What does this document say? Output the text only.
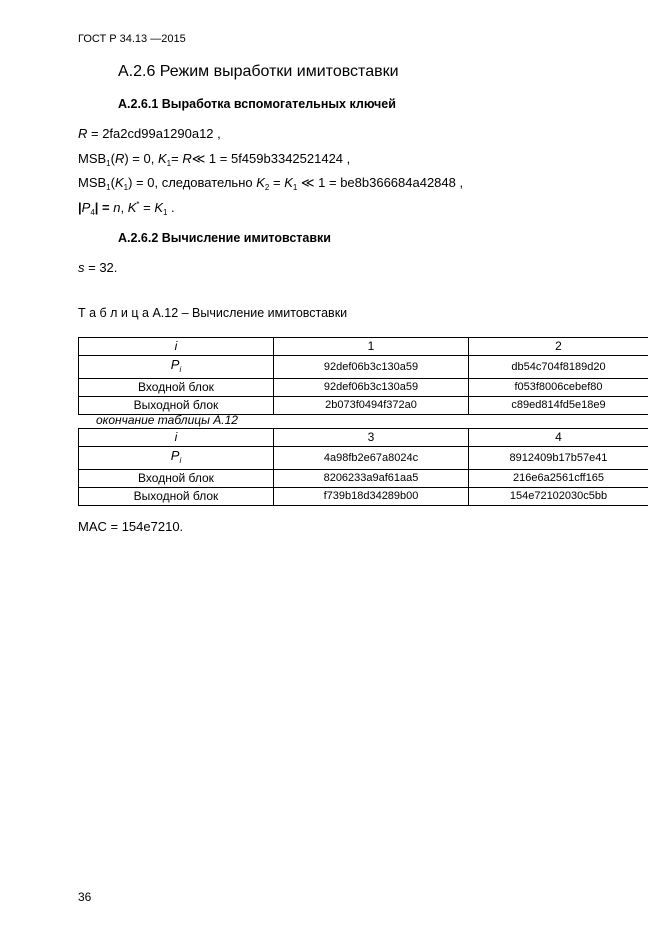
ГОСТ Р 34.13 —2015
A.2.6 Режим выработки имитовставки
A.2.6.1 Выработка вспомогательных ключей
R = 2fa2cd99a1290a12 ,
$MSB_1(R) = 0$, $K_1=$ R≪ 1 = 5f459b3342521424 ,
$MSB_1(K_1) = 0$, следовательно $K_2 = K_1$ ≪ 1 = be8b366684a42848 ,
$|P_4| = n$, $K^* = K_1$ .
A.2.6.2 Вычисление имитовставки
s = 32.
Т а б л и ц а А.12 – Вычисление имитовставки
i	1	2
$P_i$	92def06b3c130a59	db54c704f8189d20
Входной блок	92def06b3c130a59	f053f8006cebef80
Выходной блок	2b073f0494f372a0	c89ed814fd5e18e9
окончание таблицы А.12
i	3	4
$P_i$	4a98fb2e67a8024c	8912409b17b57e41
Входной блок	8206233a9af61aa5	216e6a2561cff165
Выходной блок	f739b18d34289b00	154e72102030c5bb
MAC = 154e7210.
36
